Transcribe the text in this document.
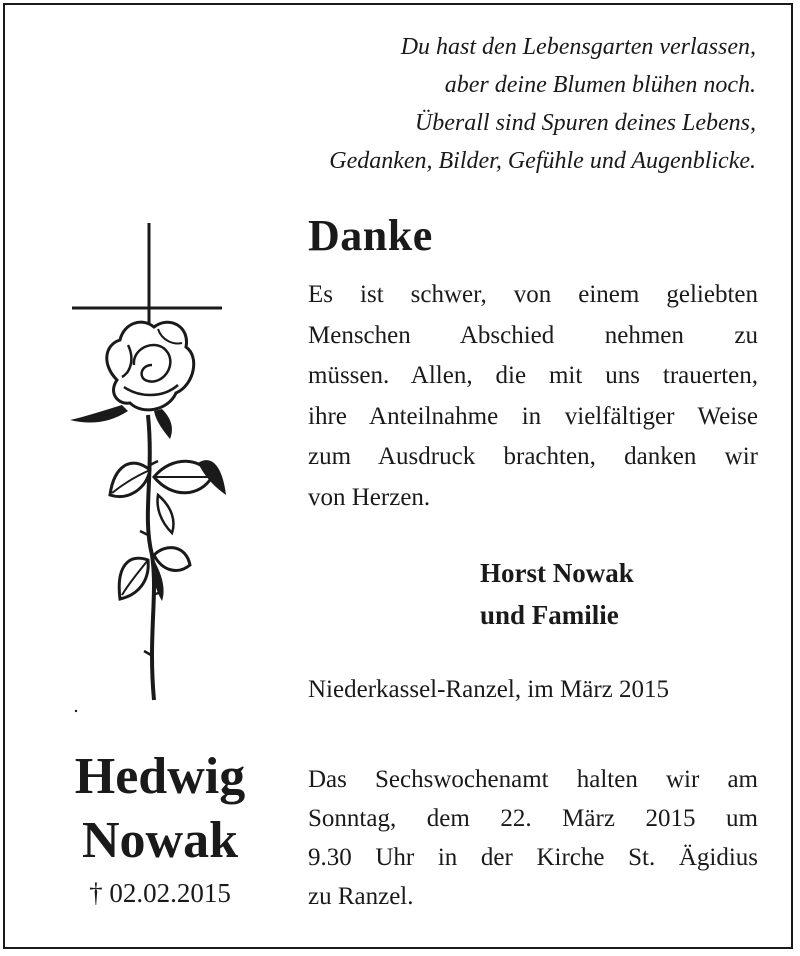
Du hast den Lebensgarten verlassen,
aber deine Blumen blühen noch.
Überall sind Spuren deines Lebens,
Gedanken, Bilder, Gefühle und Augenblicke.
Danke
Es ist schwer, von einem geliebten
Menschen Abschied nehmen zu
müssen. Allen, die mit uns trauerten,
ihre Anteilnahme in vielfältiger Weise
zum Ausdruck brachten, danken wir
von Herzen.
Horst Nowak
und Familie
Niederkassel-Ranzel, im März 2015
Das Sechswochenamt halten wir am
Sonntag, dem 22. März 2015 um
9.30 Uhr in der Kirche St. Ägidius
zu Ranzel.
Hedwig
Nowak
† 02.02.2015
